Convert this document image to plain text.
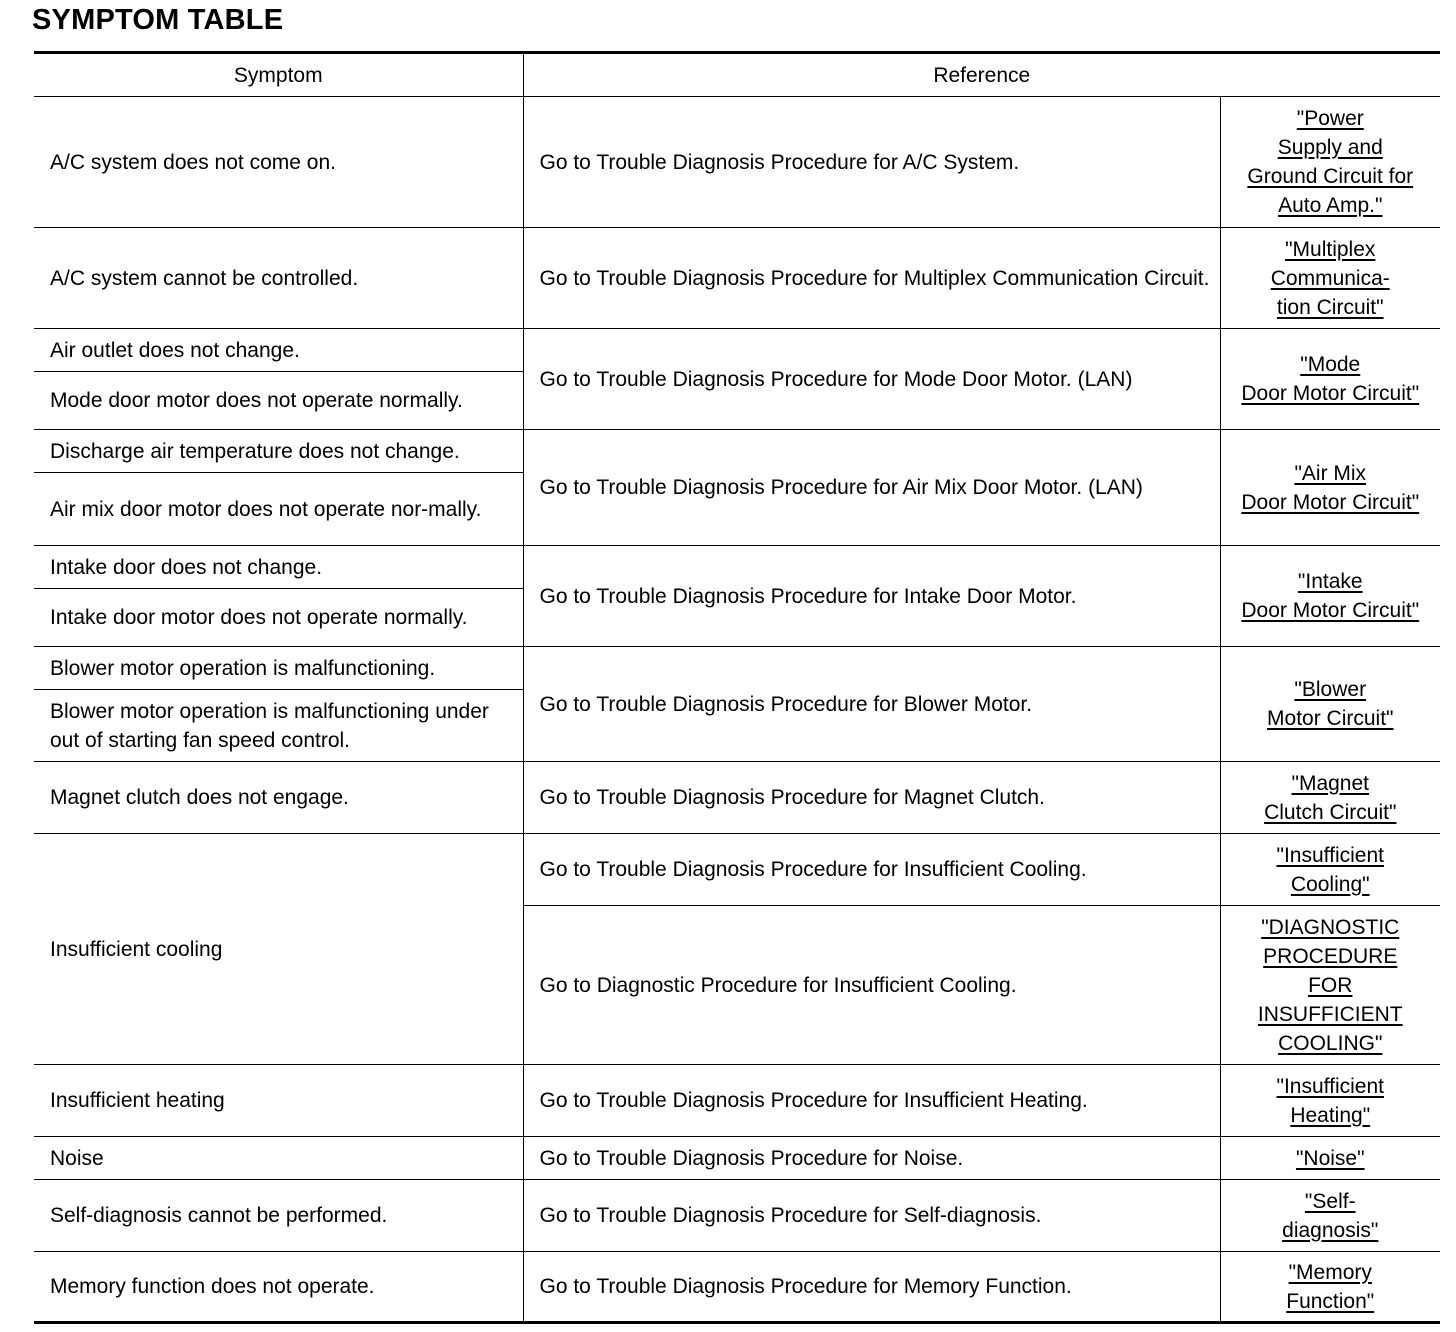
SYMPTOM TABLE
Symptom	Reference	
A/C system does not come on.	Go to Trouble Diagnosis Procedure for A/C System.	"Power
Supply and
Ground Circuit for
Auto Amp."
A/C system cannot be controlled.	Go to Trouble Diagnosis Procedure for Multiplex Communication Circuit.	"Multiplex
Communica-
tion Circuit"
Air outlet does not change.	Go to Trouble Diagnosis Procedure for Mode Door Motor. (LAN)	"Mode
Door Motor Circuit"
Mode door motor does not operate normally.		
Discharge air temperature does not change.	Go to Trouble Diagnosis Procedure for Air Mix Door Motor. (LAN)	"Air Mix
Door Motor Circuit"
Air mix door motor does not operate nor-mally.		
Intake door does not change.	Go to Trouble Diagnosis Procedure for Intake Door Motor.	"Intake
Door Motor Circuit"
Intake door motor does not operate normally.		
Blower motor operation is malfunctioning.	Go to Trouble Diagnosis Procedure for Blower Motor.	"Blower
Motor Circuit"
Blower motor operation is malfunctioning under out of starting fan speed control.		
Magnet clutch does not engage.	Go to Trouble Diagnosis Procedure for Magnet Clutch.	"Magnet
Clutch Circuit"
Insufficient cooling	Go to Trouble Diagnosis Procedure for Insufficient Cooling.	"Insufficient
Cooling"
	Go to Diagnostic Procedure for Insufficient Cooling.	"DIAGNOSTIC
PROCEDURE
FOR
INSUFFICIENT
COOLING"
Insufficient heating	Go to Trouble Diagnosis Procedure for Insufficient Heating.	"Insufficient
Heating"
Noise	Go to Trouble Diagnosis Procedure for Noise.	"Noise"
Self-diagnosis cannot be performed.	Go to Trouble Diagnosis Procedure for Self-diagnosis.	"Self-
diagnosis"
Memory function does not operate.	Go to Trouble Diagnosis Procedure for Memory Function.	"Memory
Function"
